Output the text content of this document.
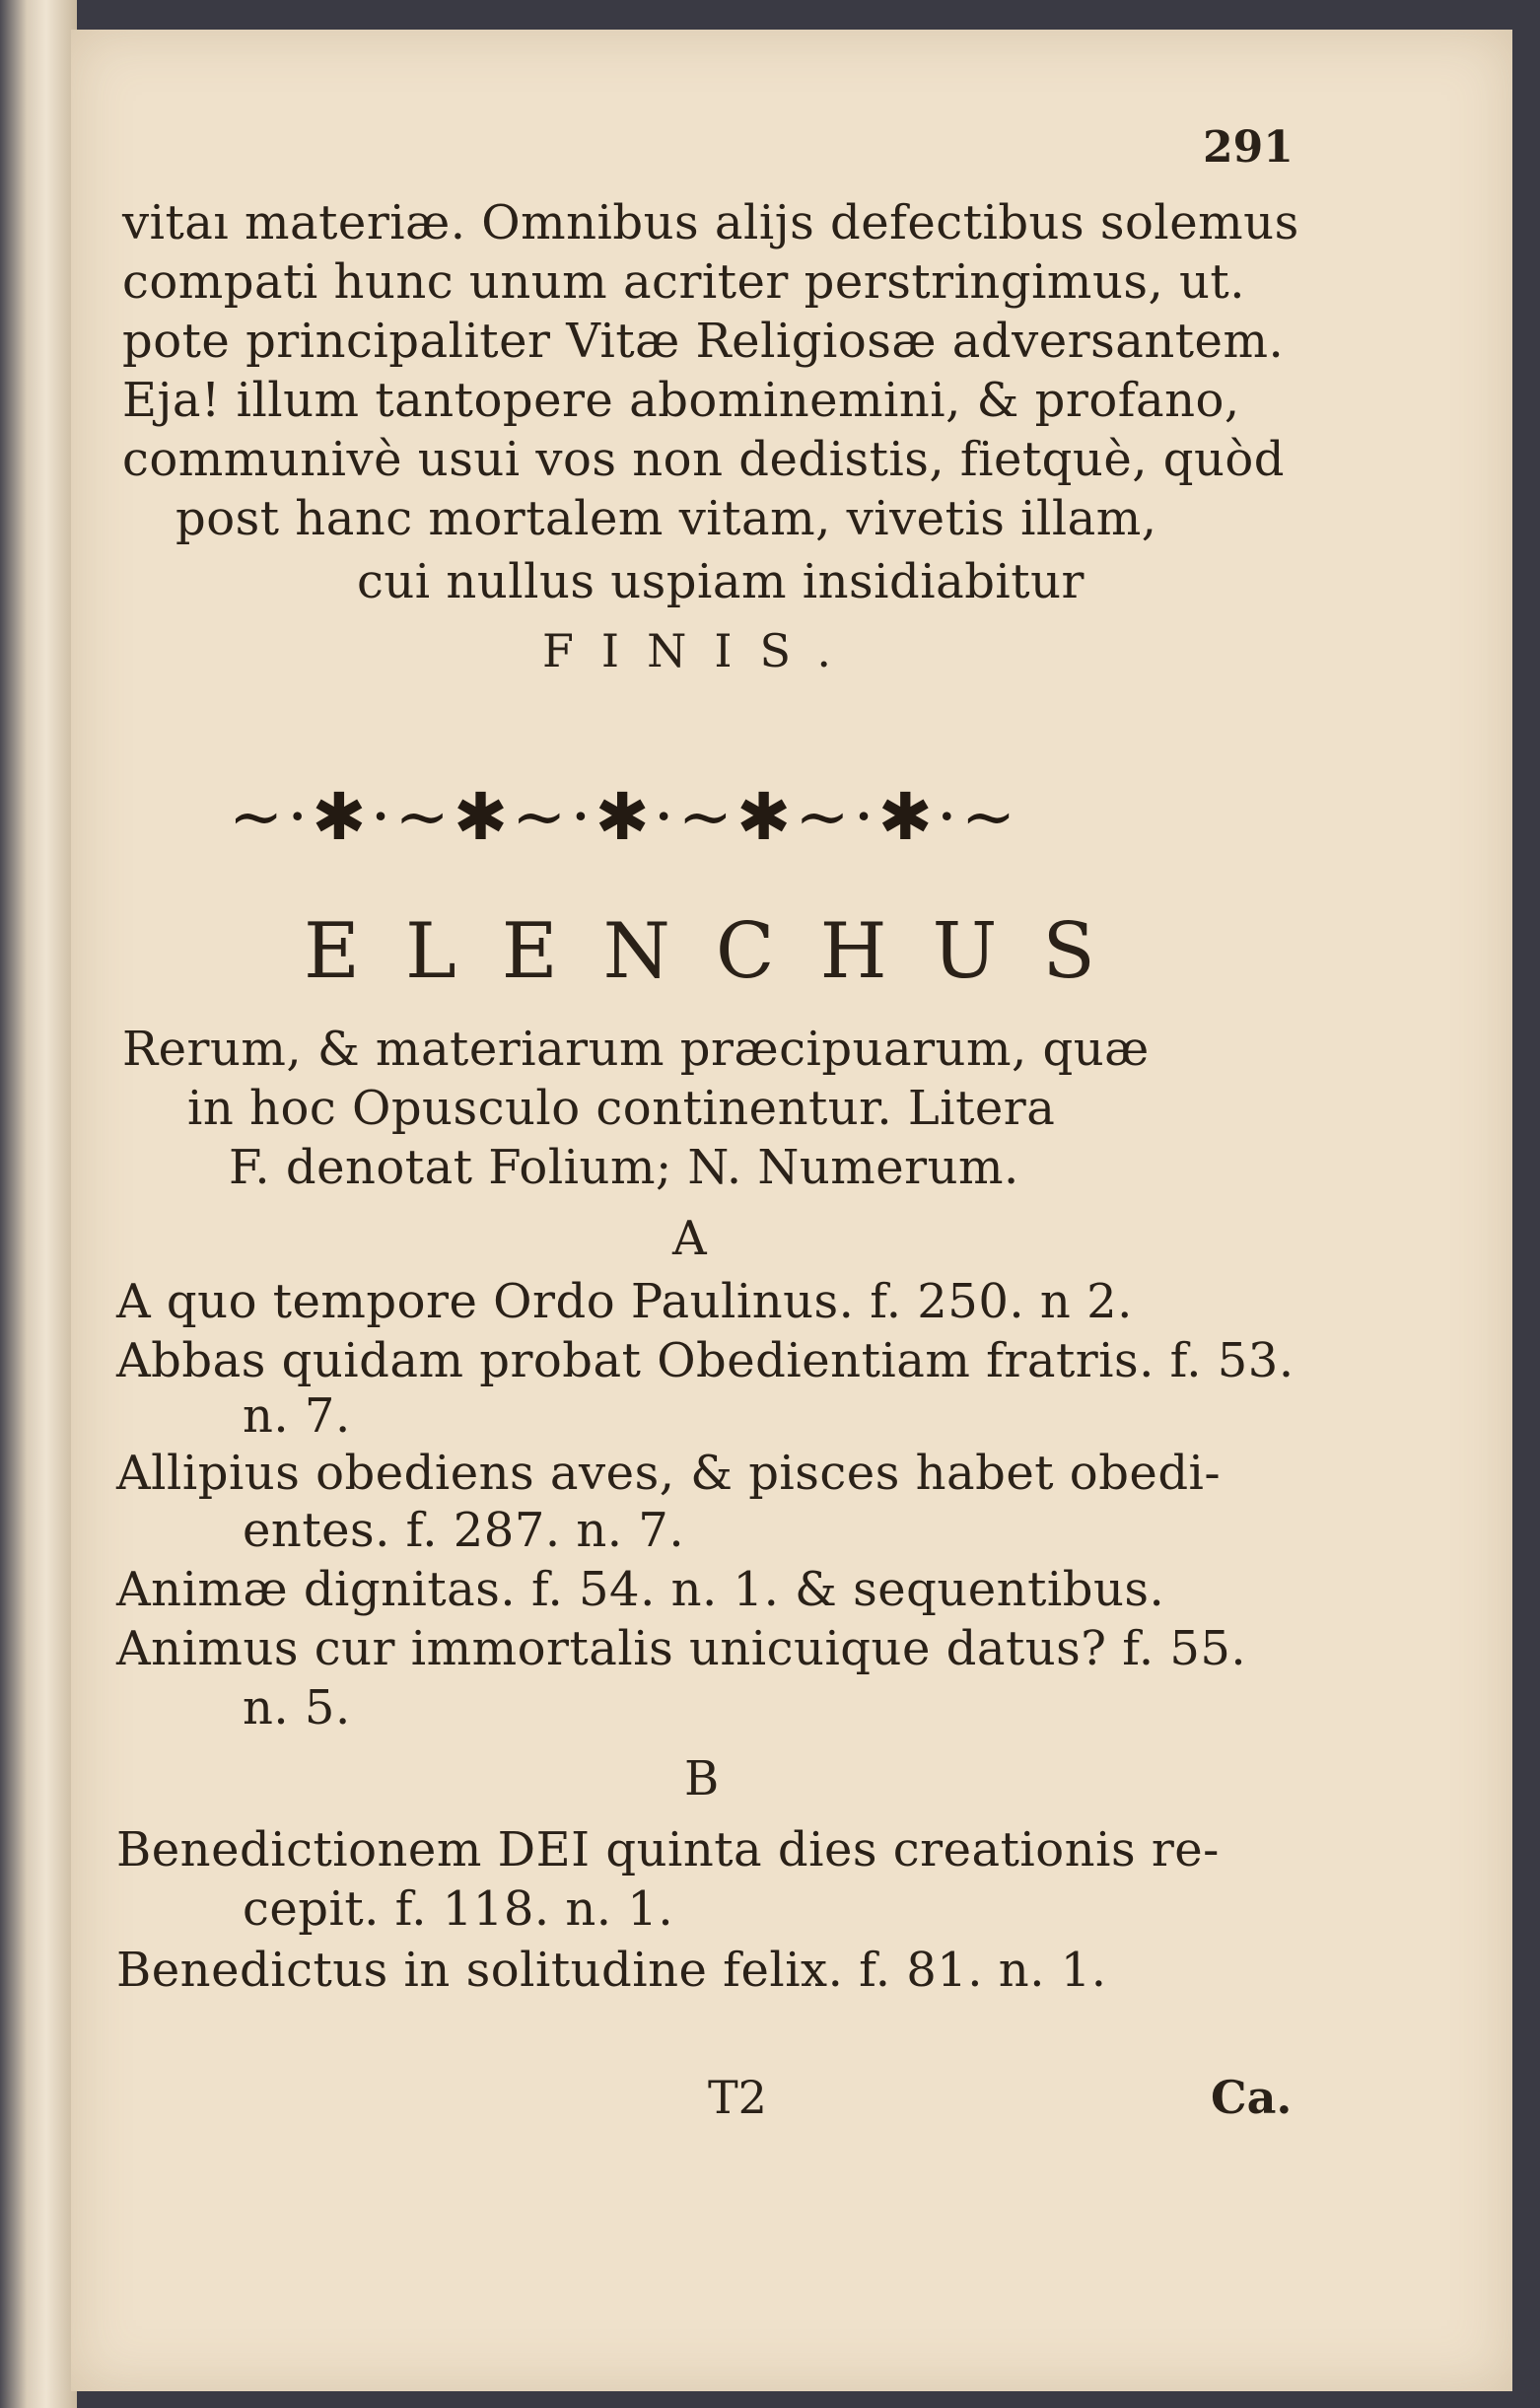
291
vitaı materiæ. Omnibus alijs defectibus solemus
compati hunc unum acriter perstringimus, ut.
pote principaliter Vitæ Religiosæ adversantem.
Eja! illum tantopere abominemini, & profano,
communivè usui vos non dedistis, fietquè, quòd
post hanc mortalem vitam, vivetis illam,
cui nullus uspiam insidiabitur
FINIS.
~·✱·~✱~·✱·~✱~·✱·~
ELENCHUS
Rerum, & materiarum præcipuarum, quæ
in hoc Opusculo continentur. Litera
F. denotat Folium; N. Numerum.
A
A quo tempore Ordo Paulinus. f. 250. n 2.
Abbas quidam probat Obedientiam fratris. f. 53.
n. 7.
Allipius obediens aves, & pisces habet obedi-
entes. f. 287. n. 7.
Animæ dignitas. f. 54. n. 1. & sequentibus.
Animus cur immortalis unicuique datus? f. 55.
n. 5.
B
Benedictionem DEI quinta dies creationis re-
cepit. f. 118. n. 1.
Benedictus in solitudine felix. f. 81. n. 1.
T2	Ca.
